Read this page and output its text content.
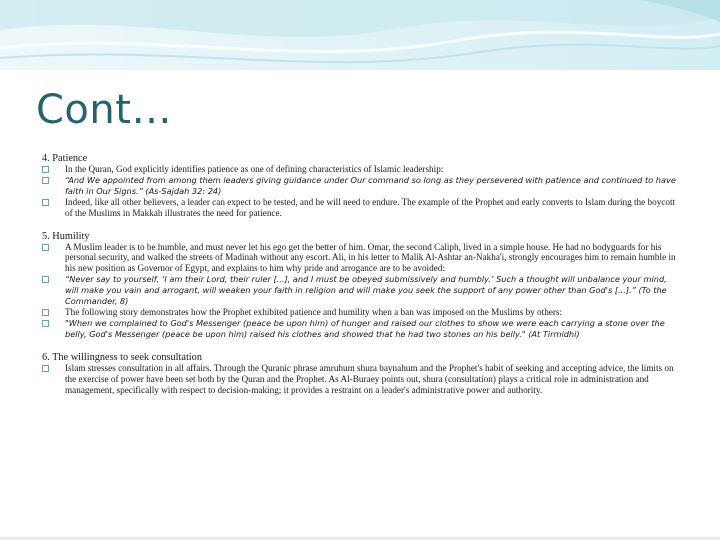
Cont…

4. Patience

In the Quran, God explicitly identifies patience as one of defining characteristics of Islamic leadership:
“And We appointed from among them leaders giving guidance under Our command so long as they persevered with patience and continued to have faith in Our Signs.” (As-Sajdah 32: 24)
Indeed, like all other believers, a leader can expect to be tested, and he will need to endure. The example of the Prophet and early converts to Islam during the boycott of the Muslims in Makkah illustrates the need for patience.

5. Humility

A Muslim leader is to be humble, and must never let his ego get the better of him. Omar, the second Caliph, lived in a simple house. He had no bodyguards for his personal security, and walked the streets of Madinah without any escort. Ali, in his letter to Malik Al-Ashtar an-Nakha'i, strongly encourages him to remain humble in his new position as Governor of Egypt, and explains to him why pride and arrogance are to be avoided:
“Never say to yourself, ‘I am their Lord, their ruler [...], and I must be obeyed submissively and humbly.’ Such a thought will unbalance your mind, will make you vain and arrogant, will weaken your faith in religion and will make you seek the support of any power other than God's [...].” (To the Commander, 8)
The following story demonstrates how the Prophet exhibited patience and humility when a ban was imposed on the Muslims by others:
"When we complained to God's Messenger (peace be upon him) of hunger and raised our clothes to show we were each carrying a stone over the belly, God's Messenger (peace be upon him) raised his clothes and showed that he had two stones on his belly." (At Tirmidhi)

6. The willingness to seek consultation

Islam stresses consultation in all affairs. Through the Quranic phrase amruhum shura baynahum and the Prophet's habit of seeking and accepting advice, the limits on the exercise of power have been set both by the Quran and the Prophet. As Al-Buraey points out, shura (consultation) plays a critical role in administration and management, specifically with respect to decision-making; it provides a restraint on a leader's administrative power and authority.
